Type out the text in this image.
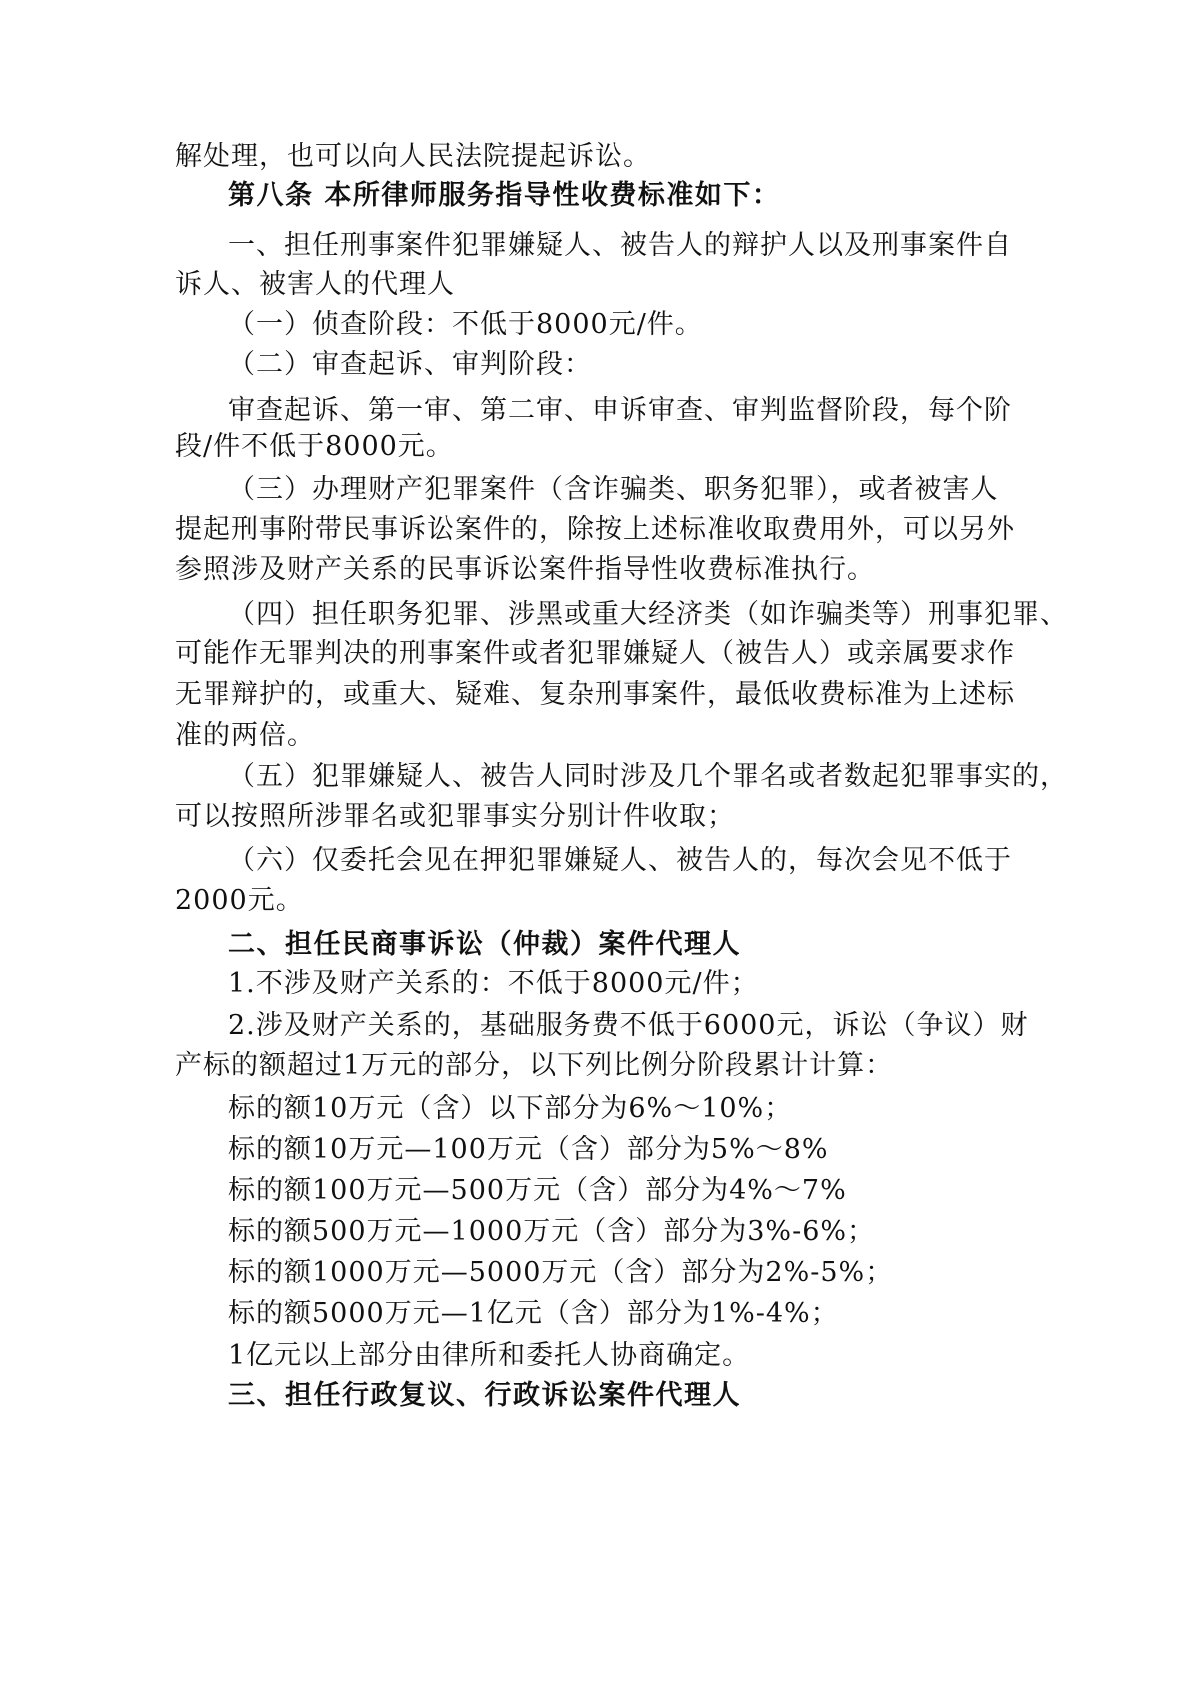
解处理，也可以向人民法院提起诉讼。
第八条 本所律师服务指导性收费标准如下：
一、担任刑事案件犯罪嫌疑人、被告人的辩护人以及刑事案件自
诉人、被害人的代理人
（一）侦查阶段：不低于8000元/件。
（二）审查起诉、审判阶段：
审查起诉、第一审、第二审、申诉审查、审判监督阶段，每个阶
段/件不低于8000元。
（三）办理财产犯罪案件（含诈骗类、职务犯罪），或者被害人
提起刑事附带民事诉讼案件的，除按上述标准收取费用外，可以另外
参照涉及财产关系的民事诉讼案件指导性收费标准执行。
（四）担任职务犯罪、涉黑或重大经济类（如诈骗类等）刑事犯罪、
可能作无罪判决的刑事案件或者犯罪嫌疑人（被告人）或亲属要求作
无罪辩护的，或重大、疑难、复杂刑事案件，最低收费标准为上述标
准的两倍。
（五）犯罪嫌疑人、被告人同时涉及几个罪名或者数起犯罪事实的，
可以按照所涉罪名或犯罪事实分别计件收取；
（六）仅委托会见在押犯罪嫌疑人、被告人的，每次会见不低于
2000元。
二、担任民商事诉讼（仲裁）案件代理人
1.不涉及财产关系的：不低于8000元/件；
2.涉及财产关系的，基础服务费不低于6000元，诉讼（争议）财
产标的额超过1万元的部分，以下列比例分阶段累计计算：
标的额10万元（含）以下部分为6%～10%；
标的额10万元—100万元（含）部分为5%～8%
标的额100万元—500万元（含）部分为4%～7%
标的额500万元—1000万元（含）部分为3%-6%；
标的额1000万元—5000万元（含）部分为2%-5%；
标的额5000万元—1亿元（含）部分为1%-4%；
1亿元以上部分由律所和委托人协商确定。
三、担任行政复议、行政诉讼案件代理人
